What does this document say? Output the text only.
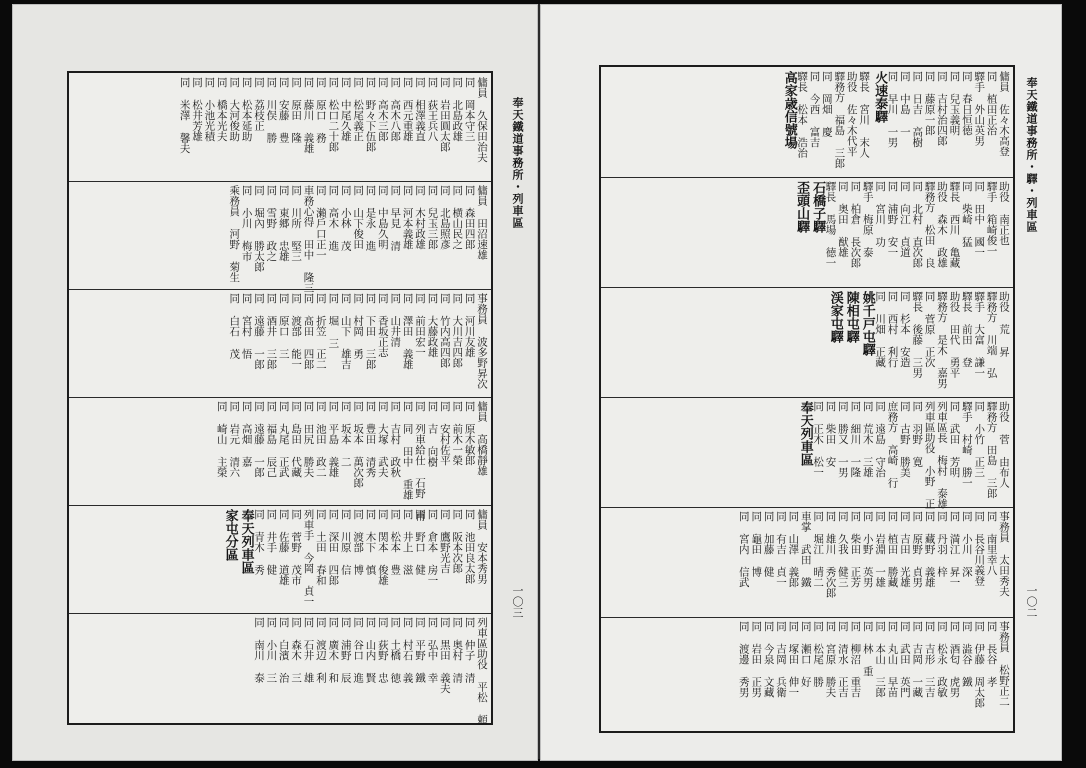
奉天鐵道事務所・列車區
一〇三
傭員 久保田治夫
同 岡本守三
同 北島政雄
同 岩田圓太郎
同 荻王兵八
同 相澤義直
同 西元重雄
同 高木八郎
同 高木三郎
同 野々下伍郎
同 松尾義正
同 中尾久雄
同 松口二十郎
同 原口 務
同 藤川 義雄
同 原田 隆
同 安藤 豊
同 川俣 勝
同 荔枝正
同 松本延助
同 大河俊助
同 橋本光夫
同 小池光積
同 松井芳雄
同 米澤 馨夫
傭員 田沼速雄
同 森田四郎
同 横山民之
同 北島照彥
同 兒玉三郎
同 木村政雄
同 河本義雄
同 早見 清
同 中島久明
同 是永 進
同 山下俊田
同 小林 茂
同 高木 進
同 瀨戶口正一
車務心得 田中 隆三
同 川所 堅三
同 東郷 忠雄
同 雪野 政之
同 堀內 勝太郎
同 小川 梅市
乘務員 河野 菊生
事務員 波多野昇次
同 河川友雄
同 大川吉四郎
同 竹内高四郎
同 大藤政雄
同 前田宏一
同 澤田 義雄
同 山井清
同 香坂正志
同 下田 三郎
同 村岡 勇
同 山下 雄吉
同 堀 三
同 折笠 正二
同 髙田 四郎
同 渡部 能一
同 原口 三
同 酒井 三郎
同 遠藤 一郎
同 宮村 悟
同 白石 茂
傭員 高橋靜雄
同 原木敏郎
同 前木一榮
同 安村佐平
同 吉 向樹
同 列車給仕 石野 甫
同 同 田中 重雄
同 吉村 政秋
同 大塚 武夫
同 豊田 清秀
同 坂本 萬次郎
同 坂本 二
同 平島 義雄
同 池田 政二
同 田尻 勝夫
同 島田 代藏
同 丸尾 正武
同 福島 辰己
同 遠藤 一郎
同 高畑 嘉
同 岩元 清六
同 崎山 主榮
傭員 安本秀男
同 池田良太郎
同 阪本次郎
同 鷹野光吉
同 倉本 房一
同 野口 健
同 井上 滋
同 松本 豊
同 関本 俊雄
同 木下 慎
同 渡部 博
同 川原 信
同 深田 四郎
同 土田 春和
列車手 今岡 貞一
同 菅野 茂市
同 佐藤 道雄
同 井手 健
同 青木 秀
奉天列車區
家屯分區
列車區助役 平松 頼
同 仲子 清
同 奥村 清
同 黒田 義夫
同 弘中 幸
同 平野 鐵
同 村石 義
同 土橋 徳
同 荻野 忠
同 山内 賢
同 谷口 進
同 浦野 辰
同 廣木 和
同 渡辺 利
同 石井 雄
同 森木 三
同 白濱 治
同 小川 三
同 南川 泰
奉天鐵道事務所・驛・列車區
一〇二
傭員 佐々木高登
同 植田正治
驛手 外山英男
同 春日恒徳
同 兒玉義明
同 吉村治四郎
同 藤原一郎
同 日吉 高樹
同 中島 一
同 早川 一男
火速泰驛
驛長 宮川 末人
助役 佐々木代平
驛務方 福島 三郎
同 岡畑 慶
同 今西 富吉
驛長 松本 浩治
高家歳信號場
助役 南正也
驛手 箱崎俊一
同 田中 國一
同 柴崎 猛
驛長 西川 亀藏
助役 森木 政雄
驛務方 松田 良
同 北村 直次郎
同 向江 貞道
同 浦野 安一
同 宮川 功
驛手 梅原 泰
同 柏倉 長次郎
同 奥田 猷雄
驛長 馬場 徳一
石橋子驛
歪頭山驛
助役 荒 昇
驛務方 川端 弘
驛手 大富 謙一
驛長 前田 登
助役 田代 勇平
驛務方 是木 嘉男
同 菅原 正次
驛長 後藤 三男
同 杉本 安造
同 西村 利行
同 川畑 正藏
姚千戸屯驛
陳相屯驛
渓家屯驛
助役 菅 由布人
驛務方 田島 三郎
同 小竹 正三
驛手 村崎 勝一
同 武田 芳明
列車區長 梅村 泰雄
列車區助役 小野 正
同 羽野 寛
同 古野 勝美
庶務方 高崎 行
同 遠島 守治
同 荒木 三雄
同 細川 一隆
同 勝又 一男
同 柴田 安
同 正木 松一
奉天列車區
事務員 太田秀夫
同 南里幸八
同 長谷川義登
同 小川 深
同 満江 昇一
同 丹羽 梓
同 藏野 義雄
同 原野 貞男
同 吉田 光雄
同 植田 勝藏
同 岩淵 一雄
同 小野 英男
同 柴田 正芳
同 久我 健三
同 雄川 秀次郎
同 堀江 晴二
車掌 武田 鐵
同 山澤 義郎
同 有吉 貞一
同 加藤 健
同 龜田 博
同 宮内 信武
事務員 松野正二
同 長谷 孝
同 伊藤 周太郎
同 澁谷 鐵
同 酒匂 虎男
同 松永 政敏
同 吉形 三吉
同 吉岡 一藏
同 武田 英門
同 丸山 早苗
同 本山 三郎
同 林 重
同 柳沼 重吉
同 清水 正吉
同 宮原 勝夫
同 松尾 勝
同 瀬口 好
同 塚田 伸一
同 吉岡 兵衛
同 今泉 文藏
同 岩田 正男
同 渡邊 秀男
